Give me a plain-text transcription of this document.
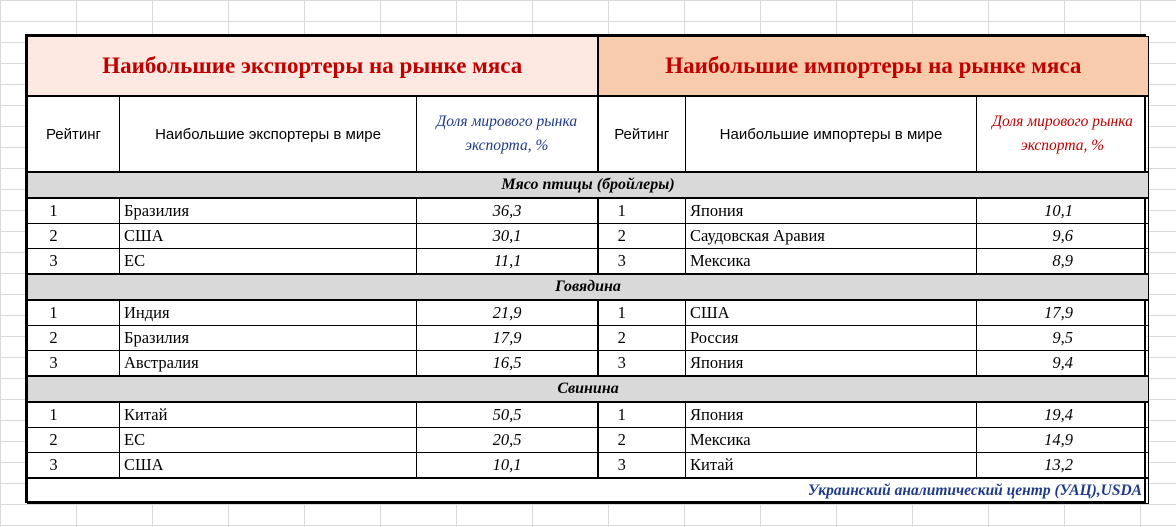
Наибольшие экспортеры на рынке мяса			Наибольшие импортеры на рынке мяса		
Рейтинг	Наибольшие экспортеры в мире	Доля мирового рынка экспорта, %	Рейтинг	Наибольшие импортеры в мире	Доля мирового рынка экспорта, %
Мясо птицы (бройлеры)					
1	Бразилия	36,3	1	Япония	10,1
2	США	30,1	2	Саудовская Аравия	9,6
3	ЕС	11,1	3	Мексика	8,9
Говядина					
1	Индия	21,9	1	США	17,9
2	Бразилия	17,9	2	Россия	9,5
3	Австралия	16,5	3	Япония	9,4
Свинина					
1	Китай	50,5	1	Япония	19,4
2	ЕС	20,5	2	Мексика	14,9
3	США	10,1	3	Китай	13,2
Украинский аналитический центр (УАЦ),USDA					
